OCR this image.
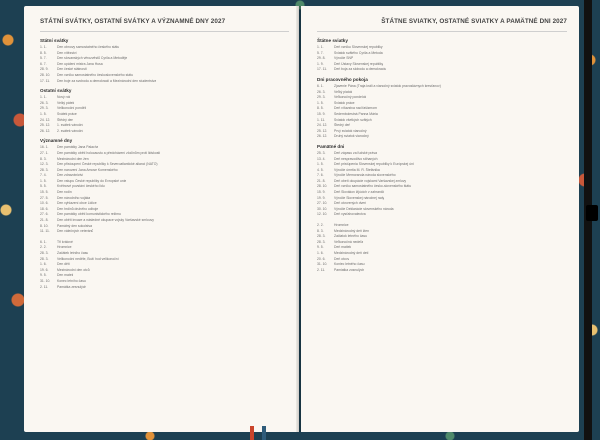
STÁTNÍ SVÁTKY, OSTATNÍ SVÁTKY A VÝZNAMNÉ DNY 2027
Státní svátky
1. 1.	Den obnovy samostatného českého státu
8. 5.	Den vítězství
5. 7.	Den slovanských věrozvěstů Cyrila a Metoděje
6. 7.	Den upálení mistra Jana Husa
28. 9.	Den české státnosti
28. 10.	Den vzniku samostatného československého státu
17. 11.	Den boje za svobodu a demokracii a Mezinárodní den studentstva
Ostatní svátky
1. 1.	Nový rok
26. 3.	Velký pátek
29. 3.	Velikonoční pondělí
1. 5.	Svátek práce
24. 12.	Štědrý den
25. 12.	1. svátek vánoční
26. 12.	2. svátek vánoční
Významné dny
16. 1.	Den památky Jana Palacha
27. 1.	Den památky obětí holocaustu a předcházení zločinům proti lidskosti
8. 3.	Mezinárodní den žen
12. 3.	Den přistoupení České republiky k Severoatlantické alianci (NATO)
28. 3.	Den narození Jana Amose Komenského
7. 4.	Den zdravotnictví
1. 5.	Den vstupu České republiky do Evropské unie
5. 5.	Květnové povstání českého lidu
15. 5.	Den rodin
27. 5.	Den národního vojáka
10. 6.	Den vyhlazení obce Lidice
18. 6.	Den hrdinů druhého odboje
27. 6.	Den památky obětí komunistického režimu
21. 8.	Den obětí invaze a následné okupace vojsky Varšavské smlouvy
8. 10.	Památný den sokolstva
11. 11.	Den válečných veteránů
6. 1.	Tři králové
2. 2.	Hromnice
28. 3.	Začátek letního času
28. 3.	Velikonoční neděle, Boží hod velikonoční
1. 6.	Den dětí
19. 6.	Mezinárodní den otců
9. 5.	Den matek
31. 10.	Konec letního času
2. 11.	Památka zesnulých
ŠTÁTNE SVIATKY, OSTATNÉ SVIATKY A PAMÄTNÉ DNI 2027
Štátne sviatky
1. 1.	Deň vzniku Slovenskej republiky
5. 7.	Sviatok svätého Cyrila a Metoda
29. 8.	Výročie SNP
1. 9.	Deň Ústavy Slovenskej republiky
17. 11.	Deň boja za slobodu a demokraciu
Dni pracovného pokoja
6. 1.	Zjavenie Pána (Traja králi a vianočný sviatok pravoslávnych kresťanov)
26. 3.	Veľký piatok
29. 3.	Veľkonočný pondelok
1. 5.	Sviatok práce
8. 5.	Deň víťazstva nad fašizmom
15. 9.	Sedembolestná Panna Mária
1. 11.	Sviatok všetkých svätých
24. 12.	Štedrý deň
25. 12.	Prvý sviatok vianočný
26. 12.	Druhý sviatok vianočný
Pamätné dni
25. 3.	Deň zápasu za ľudské práva
13. 4.	Deň nespravodlivo stíhaných
1. 5.	Deň pristúpenia Slovenskej republiky k Európskej únii
4. 5.	Výročie úmrtia M. R. Štefánika
7. 6.	Výročie Memoranda národa slovenského
21. 8.	Deň obetí okupácie vojskami Varšavskej zmluvy
28. 10.	Deň vzniku samostatného česko-slovenského štátu
15. 9.	Deň Slovákov žijúcich v zahraničí
19. 9.	Výročie Slovenskej národnej rady
27. 10.	Deň otvorených dverí
30. 10.	Výročie Deklarácie slovenského národa
12. 10.	Deň vysťahovalectva
2. 2.	Hromnice
8. 3.	Medzinárodný deň žien
28. 3.	Začiatok letného času
28. 3.	Veľkonočná nedeľa
9. 5.	Deň matiek
1. 6.	Medzinárodný deň detí
20. 6.	Deň otcov
31. 10.	Koniec letného času
2. 11.	Pamiatka zosnulých
